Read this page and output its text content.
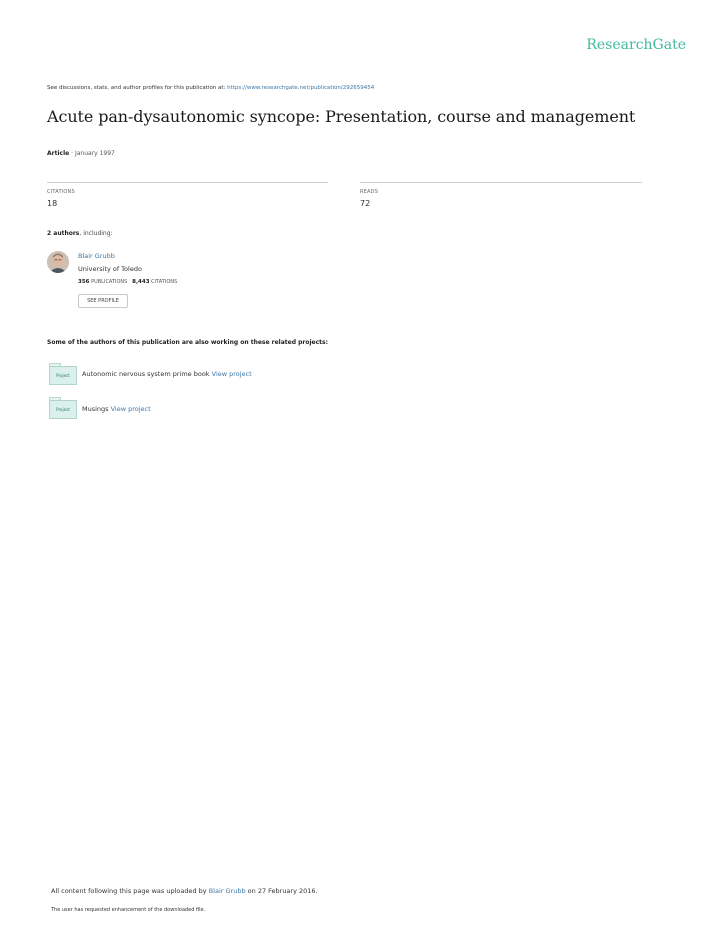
ResearchGate
See discussions, stats, and author profiles for this publication at: https://www.researchgate.net/publication/292659454
Acute pan-dysautonomic syncope: Presentation, course and management
Article · January 1997
CITATIONS
18
READS
72
2 authors, including:
Blair Grubb
University of Toledo
356 PUBLICATIONS 8,443 CITATIONS
SEE PROFILE
Some of the authors of this publication are also working on these related projects:
Project	Autonomic nervous system prime book View project
Project	Musings View project
All content following this page was uploaded by Blair Grubb on 27 February 2016.
The user has requested enhancement of the downloaded file.
